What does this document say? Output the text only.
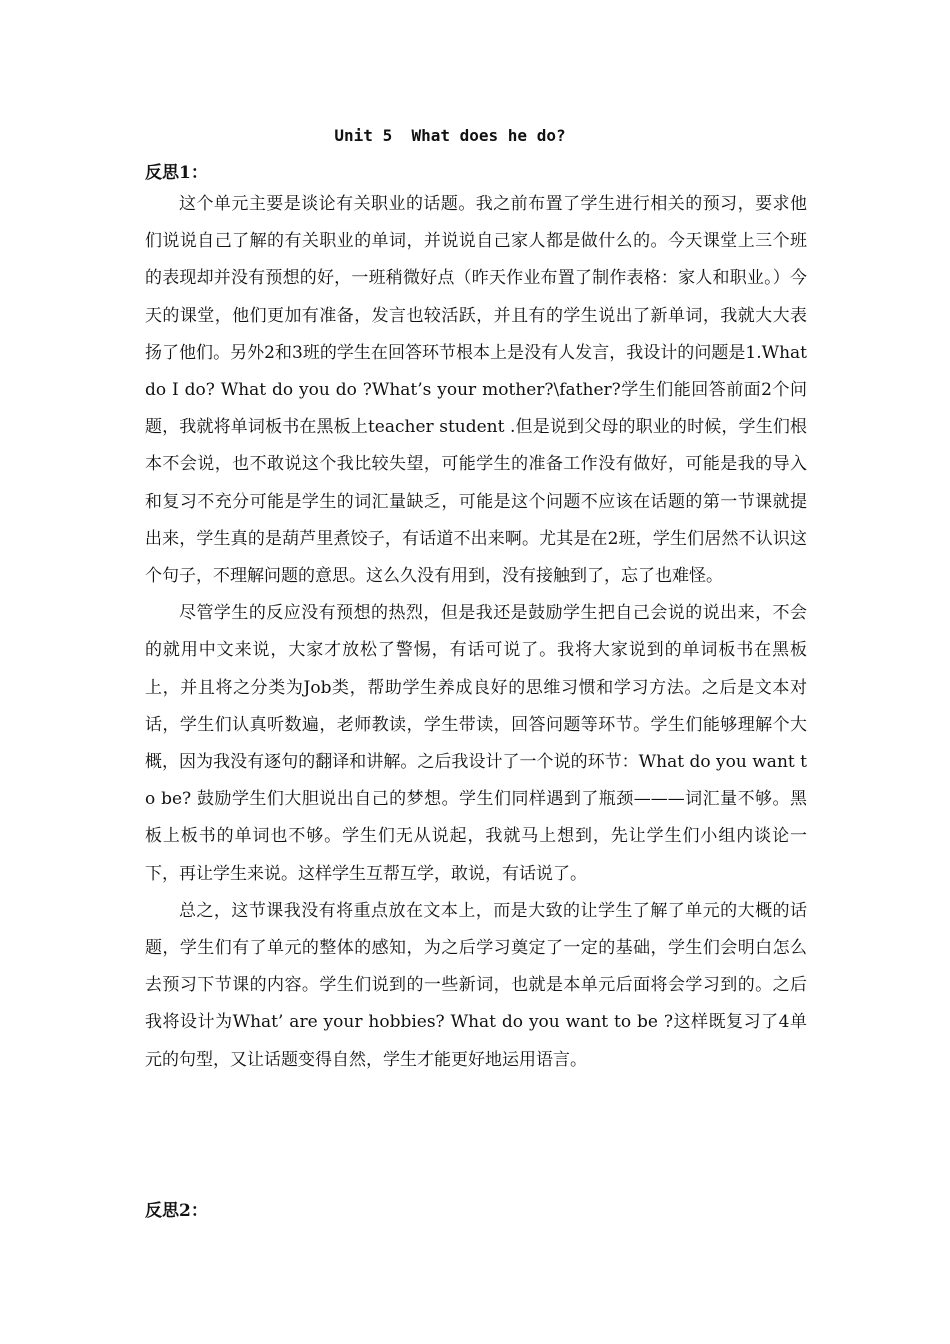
Unit 5  What does he do?
反思1：

这个单元主要是谈论有关职业的话题。我之前布置了学生进行相关的预习，要求他们说说自己了解的有关职业的单词，并说说自己家人都是做什么的。今天课堂上三个班的表现却并没有预想的好，一班稍微好点（昨天作业布置了制作表格：家人和职业。）今天的课堂，他们更加有准备，发言也较活跃，并且有的学生说出了新单词，我就大大表扬了他们。另外2和3班的学生在回答环节根本上是没有人发言，我设计的问题是1.What do I do? What do you do ?What’s your mother?\father?学生们能回答前面2个问题，我就将单词板书在黑板上teacher student .但是说到父母的职业的时候，学生们根本不会说，也不敢说这个我比较失望，可能学生的准备工作没有做好，可能是我的导入和复习不充分可能是学生的词汇量缺乏，可能是这个问题不应该在话题的第一节课就提出来，学生真的是葫芦里煮饺子，有话道不出来啊。尤其是在2班，学生们居然不认识这个句子，不理解问题的意思。这么久没有用到，没有接触到了，忘了也难怪。

尽管学生的反应没有预想的热烈，但是我还是鼓励学生把自己会说的说出来，不会的就用中文来说，大家才放松了警惕，有话可说了。我将大家说到的单词板书在黑板上，并且将之分类为Job类，帮助学生养成良好的思维习惯和学习方法。之后是文本对话，学生们认真听数遍，老师教读，学生带读，回答问题等环节。学生们能够理解个大概，因为我没有逐句的翻译和讲解。之后我设计了一个说的环节：What do you want to be? 鼓励学生们大胆说出自己的梦想。学生们同样遇到了瓶颈———词汇量不够。黑板上板书的单词也不够。学生们无从说起，我就马上想到，先让学生们小组内谈论一下，再让学生来说。这样学生互帮互学，敢说，有话说了。

总之，这节课我没有将重点放在文本上，而是大致的让学生了解了单元的大概的话题，学生们有了单元的整体的感知，为之后学习奠定了一定的基础，学生们会明白怎么去预习下节课的内容。学生们说到的一些新词，也就是本单元后面将会学习到的。之后我将设计为What’ are your hobbies? What do you want to be ?这样既复习了4单元的句型，又让话题变得自然，学生才能更好地运用语言。

反思2：
